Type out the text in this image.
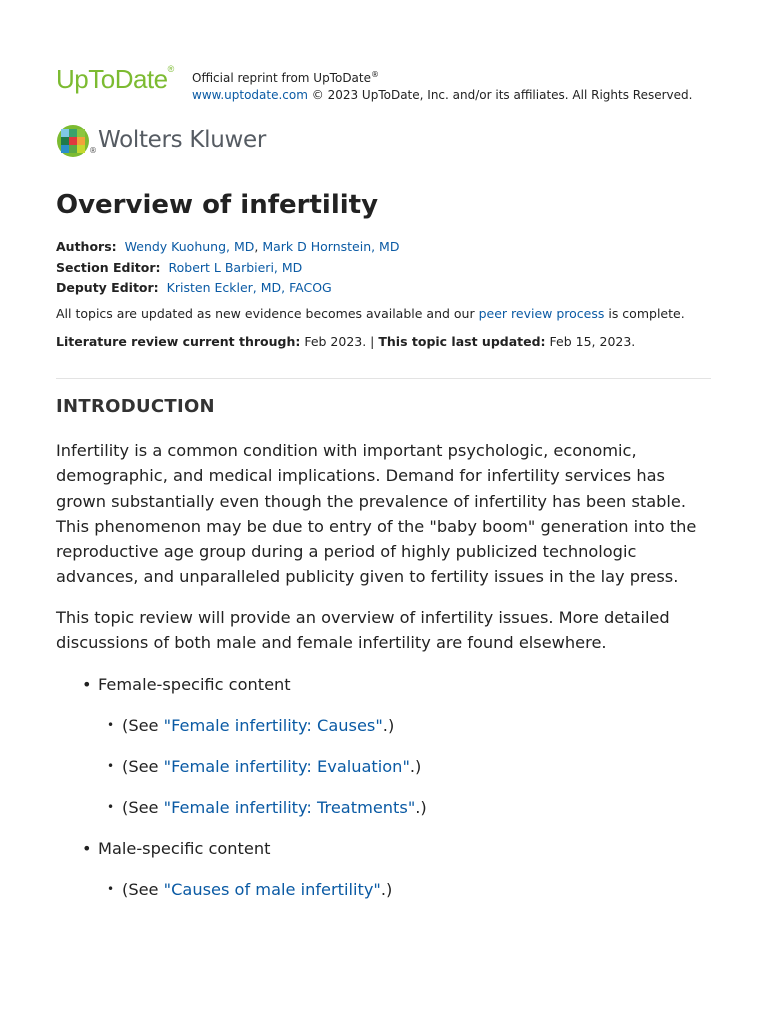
UpToDate®
Official reprint from UpToDate®
www.uptodate.com © 2023 UpToDate, Inc. and/or its affiliates. All Rights Reserved.
® Wolters Kluwer
Overview of infertility
Authors: Wendy Kuohung, MD, Mark D Hornstein, MD
Section Editor: Robert L Barbieri, MD
Deputy Editor: Kristen Eckler, MD, FACOG
All topics are updated as new evidence becomes available and our peer review process is complete.
Literature review current through: Feb 2023. | This topic last updated: Feb 15, 2023.
INTRODUCTION

Infertility is a common condition with important psychologic, economic, demographic, and medical implications. Demand for infertility services has grown substantially even though the prevalence of infertility has been stable. This phenomenon may be due to entry of the "baby boom" generation into the reproductive age group during a period of highly publicized technologic advances, and unparalleled publicity given to fertility issues in the lay press.

This topic review will provide an overview of infertility issues. More detailed discussions of both male and female infertility are found elsewhere.

• Female-specific content
• (See "Female infertility: Causes".)
• (See "Female infertility: Evaluation".)
• (See "Female infertility: Treatments".)
• Male-specific content
• (See "Causes of male infertility".)
